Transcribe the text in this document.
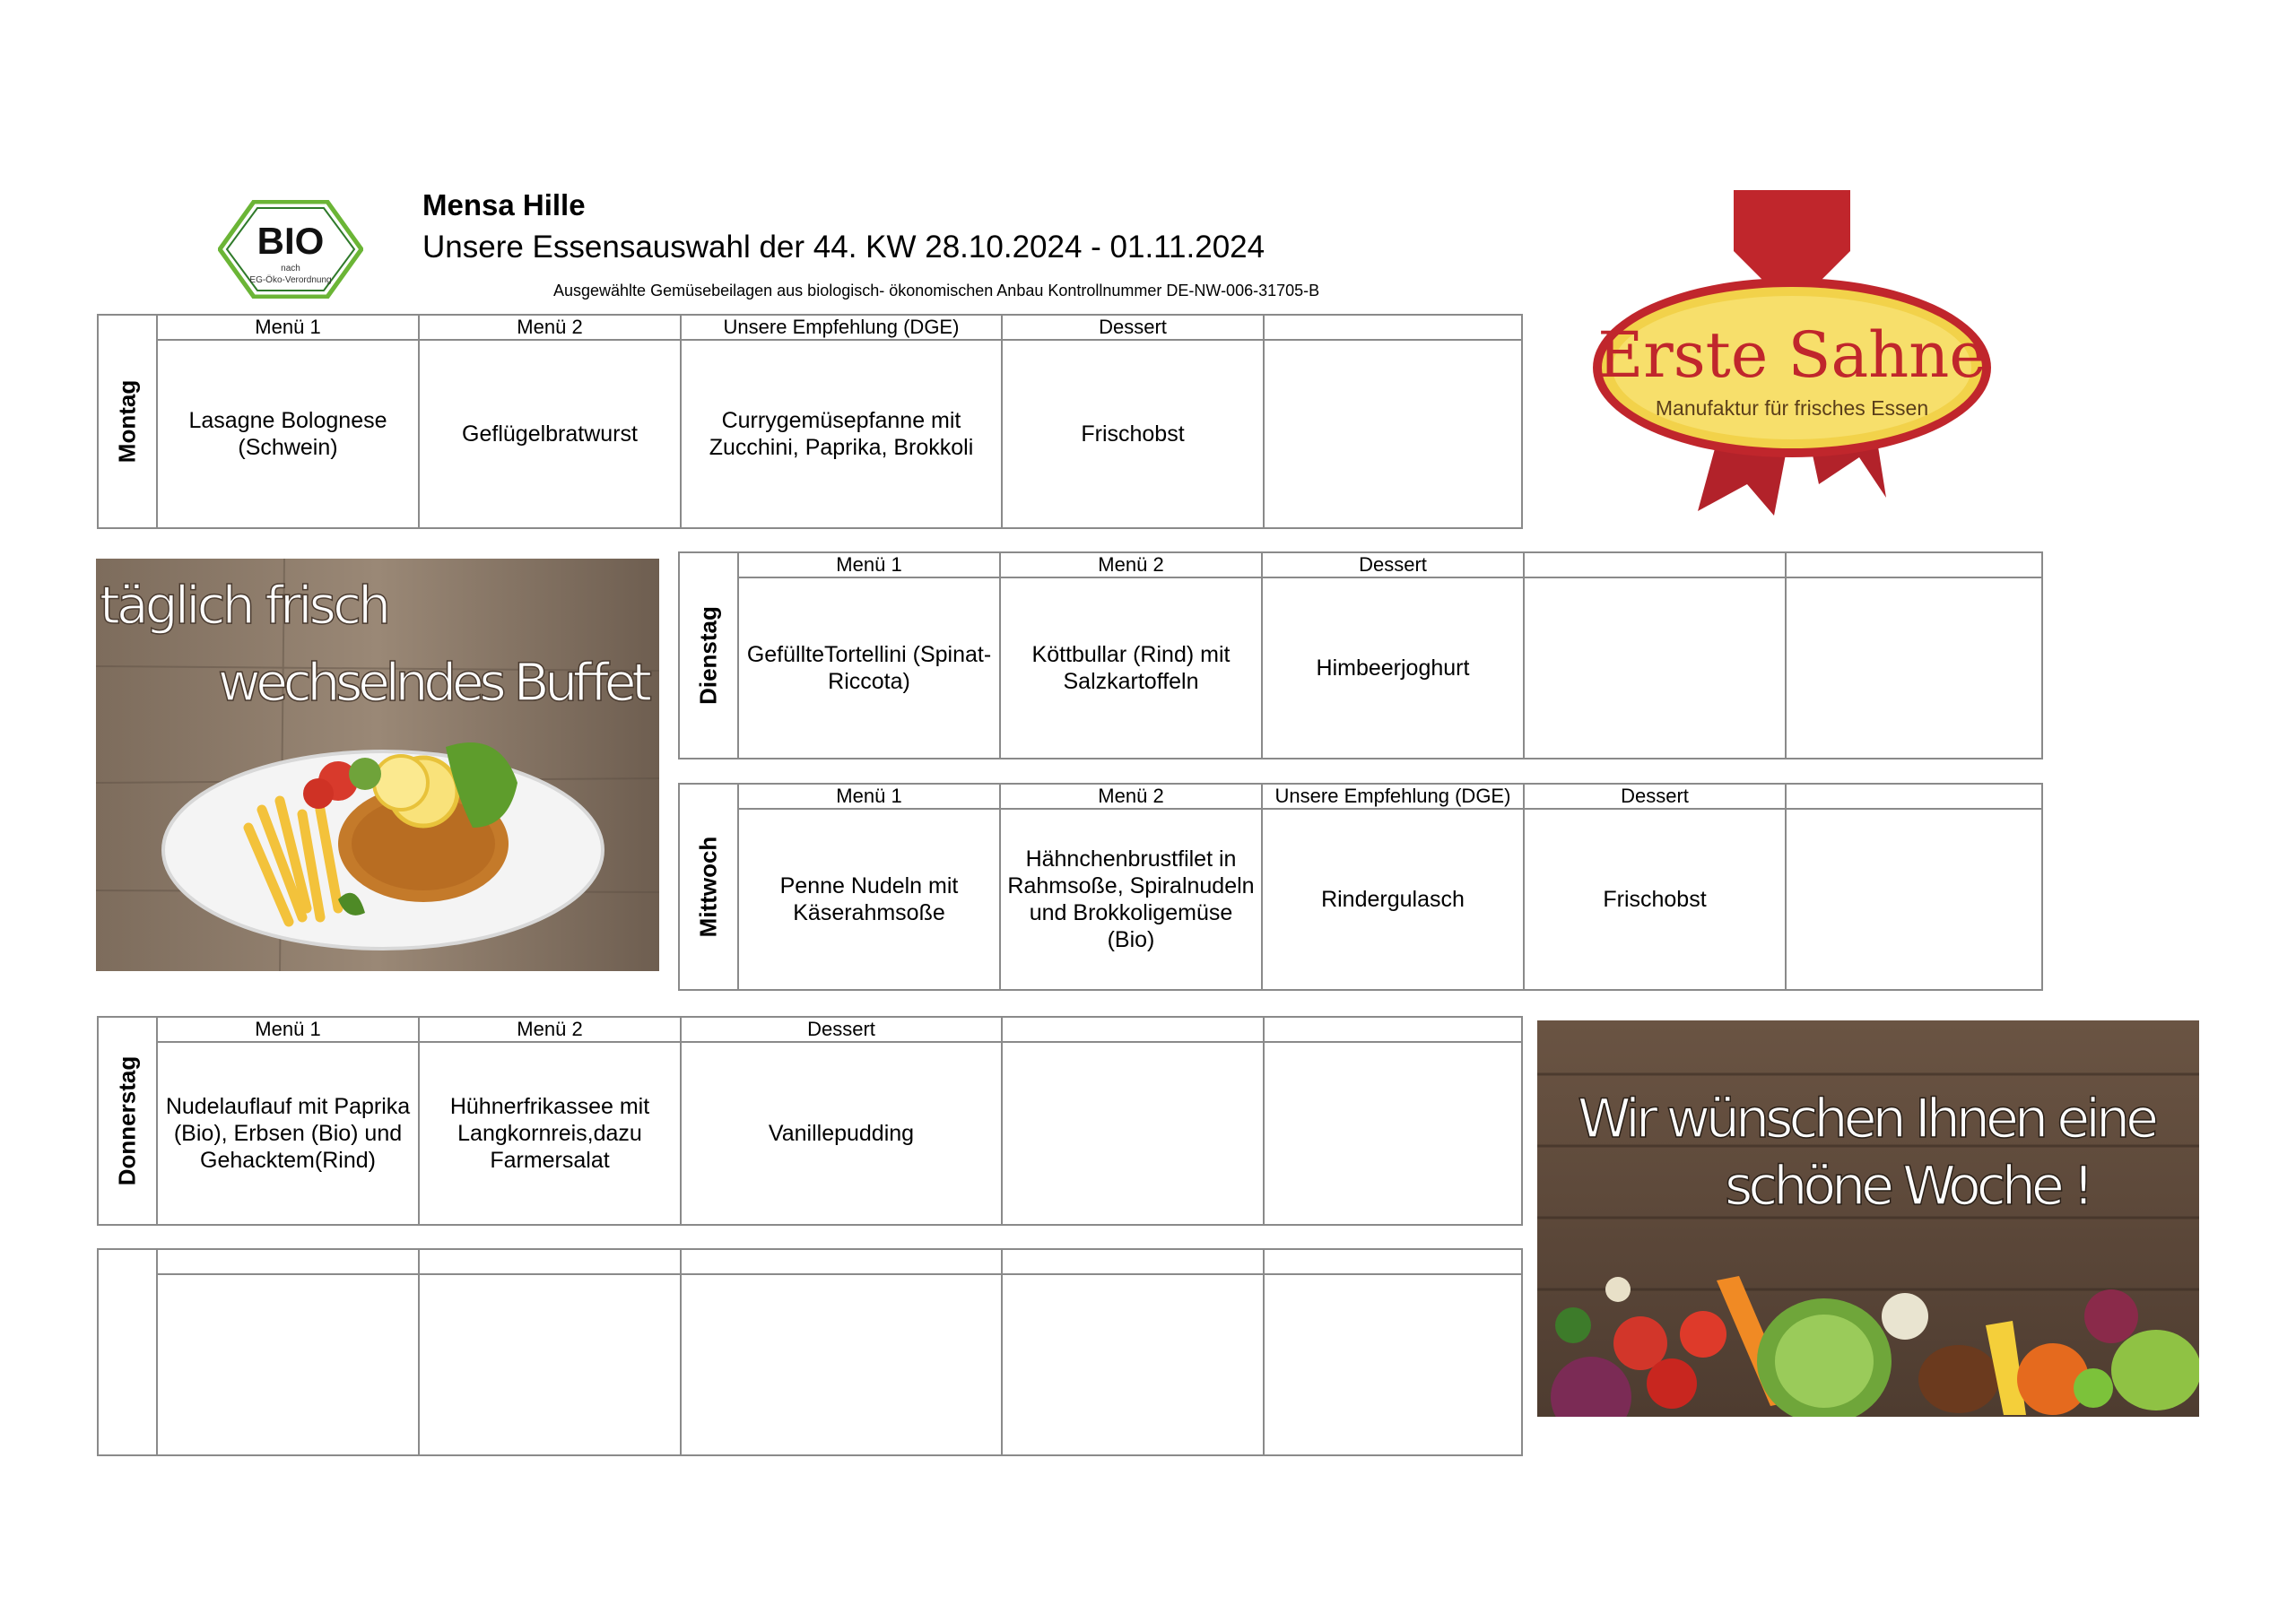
Mensa Hille
Unsere Essensauswahl der 44. KW 28.10.2024 - 01.11.2024
Ausgewählte Gemüsebeilagen aus biologisch- ökonomischen Anbau Kontrollnummer DE-NW-006-31705-B
BIO
nach
EG-Öko-Verordnung
Erste Sahne
Manufaktur für frisches Essen
täglich frisch
wechselndes Buffet
Wir wünschen Ihnen eine
schöne Woche !
Montag
Menü 1
Lasagne Bolognese (Schwein)
Menü 2
Geflügelbratwurst
Unsere Empfehlung (DGE)
Currygemüsepfanne mit Zucchini, Paprika, Brokkoli
Dessert
Frischobst
Dienstag
Menü 1
GefüllteTortellini (Spinat-Riccota)
Menü 2
Köttbullar (Rind) mit Salzkartoffeln
Dessert
Himbeerjoghurt
Mittwoch
Menü 1
Penne Nudeln mit Käserahmsoße
Menü 2
Hähnchenbrustfilet in Rahmsoße, Spiralnudeln und Brokkoligemüse (Bio)
Unsere Empfehlung (DGE)
Rindergulasch
Dessert
Frischobst
Donnerstag
Menü 1
Nudelauflauf mit Paprika (Bio), Erbsen (Bio) und Gehacktem(Rind)
Menü 2
Hühnerfrikassee mit Langkornreis,dazu Farmersalat
Dessert
Vanillepudding
